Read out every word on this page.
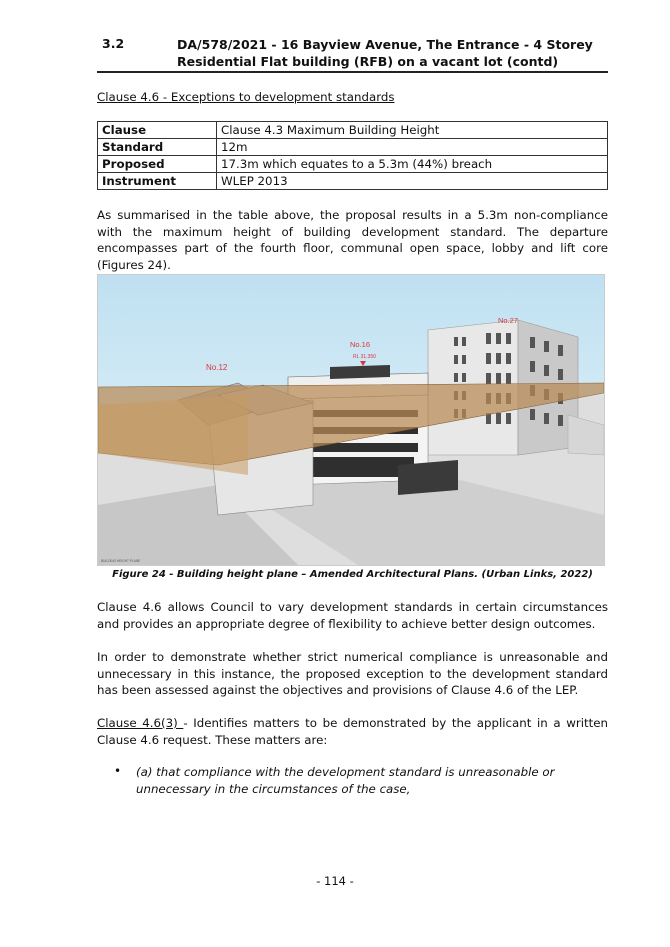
3.2	DA/578/2021 - 16 Bayview Avenue, The Entrance - 4 Storey Residential Flat building (RFB) on a vacant lot (contd)
Clause 4.6 - Exceptions to development standards
Clause	Clause 4.3 Maximum Building Height
Standard	12m
Proposed	17.3m which equates to a 5.3m (44%) breach
Instrument	WLEP 2013

As summarised in the table above, the proposal results in a 5.3m non-compliance with the maximum height of building development standard. The departure encompasses part of the fourth floor, communal open space, lobby and lift core (Figures 24).

No.12
No.16
RL 31.350
No.27
BUILDING HEIGHT PLANE
Figure 24 - Building height plane – Amended Architectural Plans. (Urban Links, 2022)

Clause 4.6 allows Council to vary development standards in certain circumstances and provides an appropriate degree of flexibility to achieve better design outcomes.

In order to demonstrate whether strict numerical compliance is unreasonable and unnecessary in this instance, the proposed exception to the development standard has been assessed against the objectives and provisions of Clause 4.6 of the LEP.

Clause 4.6(3) - Identifies matters to be demonstrated by the applicant in a written Clause 4.6 request. These matters are:

• (a) that compliance with the development standard is unreasonable or unnecessary in the circumstances of the case,
- 114 -
